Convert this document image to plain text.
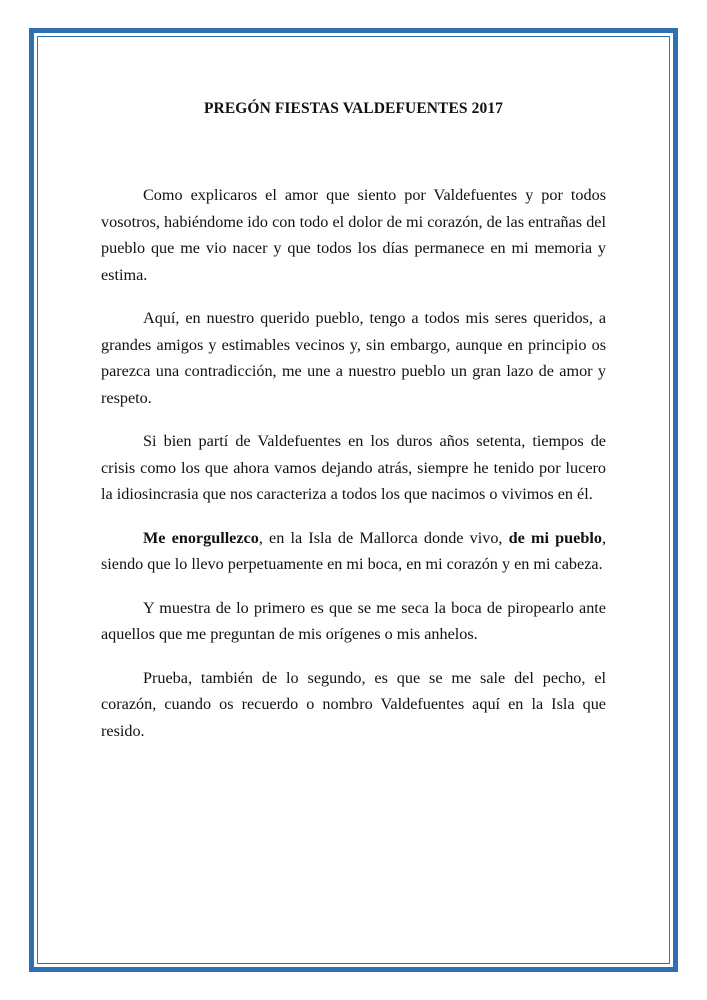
PREGÓN FIESTAS VALDEFUENTES 2017

Como explicaros el amor que siento por Valdefuentes y por todos vosotros, habiéndome ido con todo el dolor de mi corazón, de las entrañas del pueblo que me vio nacer y que todos los días permanece en mi memoria y estima.

Aquí, en nuestro querido pueblo, tengo a todos mis seres queridos, a grandes amigos y estimables vecinos y, sin embargo, aunque en principio os parezca una contradicción, me une a nuestro pueblo un gran lazo de amor y respeto.

Si bien partí de Valdefuentes en los duros años setenta, tiempos de crisis como los que ahora vamos dejando atrás, siempre he tenido por lucero la idiosincrasia que nos caracteriza a todos los que nacimos o vivimos en él.

Me enorgullezco, en la Isla de Mallorca donde vivo, de mi pueblo, siendo que lo llevo perpetuamente en mi boca, en mi corazón y en mi cabeza.

Y muestra de lo primero es que se me seca la boca de piropearlo ante aquellos que me preguntan de mis orígenes o mis anhelos.

Prueba, también de lo segundo, es que se me sale del pecho, el corazón, cuando os recuerdo o nombro Valdefuentes aquí en la Isla que resido.
